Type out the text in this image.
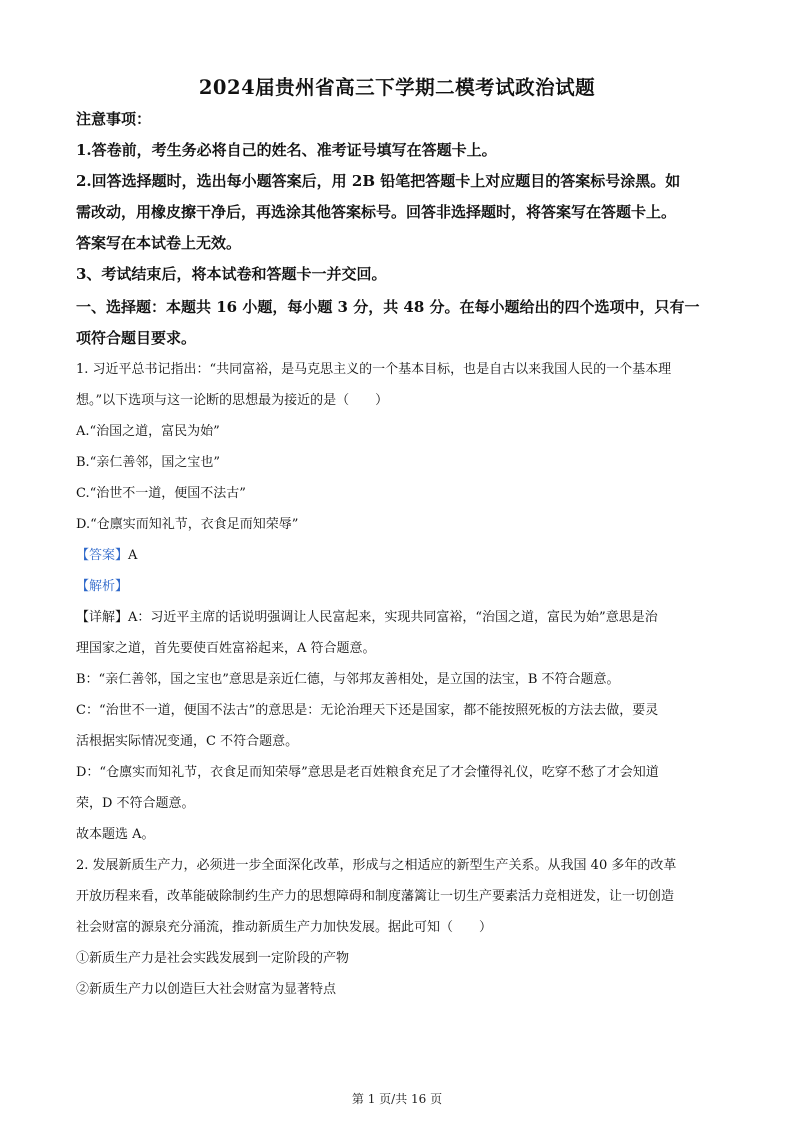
2024届贵州省高三下学期二模考试政治试题
注意事项：
1.答卷前，考生务必将自己的姓名、准考证号填写在答题卡上。
2.回答选择题时，选出每小题答案后，用 2B 铅笔把答题卡上对应题目的答案标号涂黑。如
需改动，用橡皮擦干净后，再选涂其他答案标号。回答非选择题时，将答案写在答题卡上。
答案写在本试卷上无效。
3、考试结束后，将本试卷和答题卡一并交回。
一、选择题：本题共 16 小题，每小题 3 分，共 48 分。在每小题给出的四个选项中，只有一
项符合题目要求。
1. 习近平总书记指出：“共同富裕，是马克思主义的一个基本目标，也是自古以来我国人民的一个基本理
想。”以下选项与这一论断的思想最为接近的是（　　）
A.“治国之道，富民为始”
B.“亲仁善邻，国之宝也”
C.“治世不一道，便国不法古”
D.“仓廪实而知礼节，衣食足而知荣辱”
【答案】A
【解析】
【详解】A：习近平主席的话说明强调让人民富起来，实现共同富裕，“治国之道，富民为始”意思是治
理国家之道，首先要使百姓富裕起来，A 符合题意。
B：“亲仁善邻，国之宝也”意思是亲近仁德，与邻邦友善相处，是立国的法宝，B 不符合题意。
C：“治世不一道，便国不法古”的意思是：无论治理天下还是国家，都不能按照死板的方法去做，要灵
活根据实际情况变通，C 不符合题意。
D：“仓廪实而知礼节，衣食足而知荣辱”意思是老百姓粮食充足了才会懂得礼仪，吃穿不愁了才会知道
荣，D 不符合题意。
故本题选 A。
2. 发展新质生产力，必须进一步全面深化改革，形成与之相适应的新型生产关系。从我国 40 多年的改革
开放历程来看，改革能破除制约生产力的思想障碍和制度藩篱让一切生产要素活力竞相迸发，让一切创造
社会财富的源泉充分涌流，推动新质生产力加快发展。据此可知（　　）
①新质生产力是社会实践发展到一定阶段的产物
②新质生产力以创造巨大社会财富为显著特点
第 1 页/共 16 页
